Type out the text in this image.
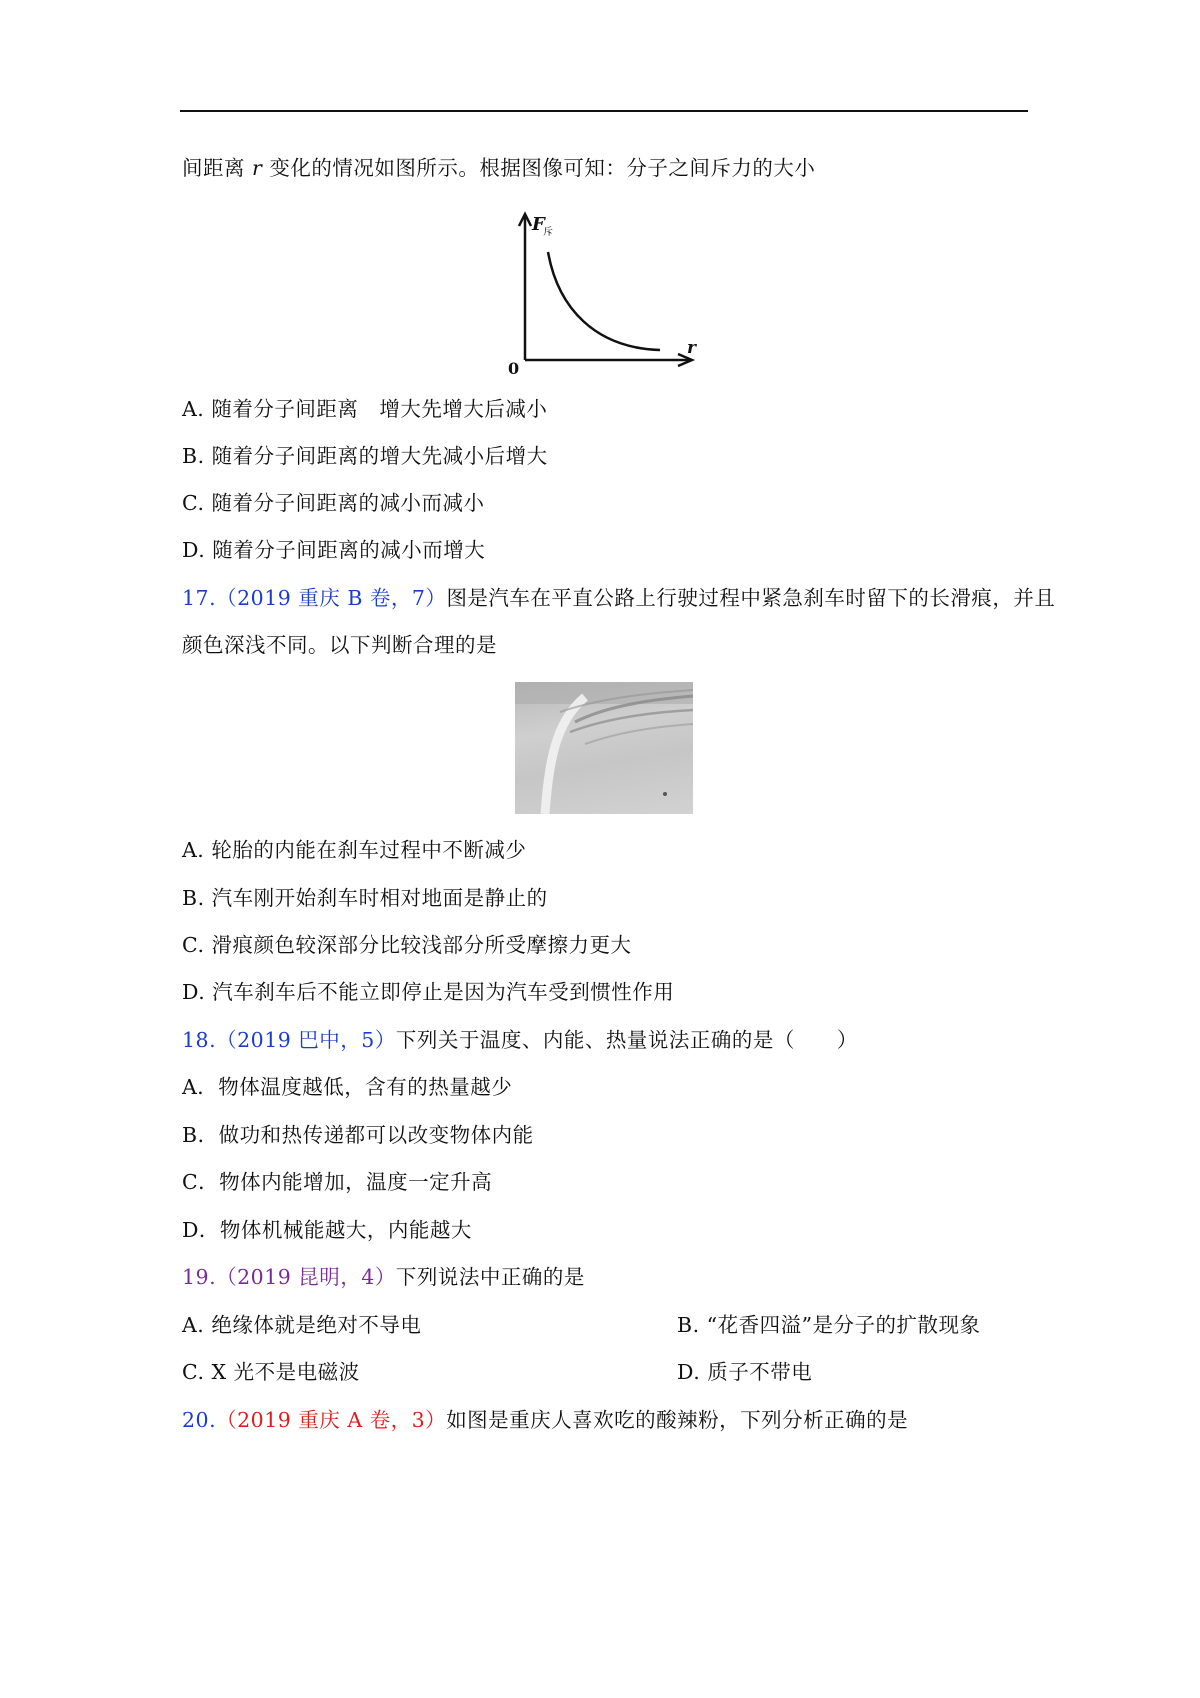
间距离 r 变化的情况如图所示。根据图像可知：分子之间斥力的大小
F
斥
r
0
A. 随着分子间距离　增大先增大后减小
B. 随着分子间距离的增大先减小后增大
C. 随着分子间距离的减小而减小
D. 随着分子间距离的减小而增大
17.（2019 重庆 B 卷，7）图是汽车在平直公路上行驶过程中紧急刹车时留下的长滑痕，并且
颜色深浅不同。以下判断合理的是
A. 轮胎的内能在刹车过程中不断减少
B. 汽车刚开始刹车时相对地面是静止的
C. 滑痕颜色较深部分比较浅部分所受摩擦力更大
D. 汽车刹车后不能立即停止是因为汽车受到惯性作用
18.（2019 巴中，5）下列关于温度、内能、热量说法正确的是（　　）
A．物体温度越低，含有的热量越少
B．做功和热传递都可以改变物体内能
C．物体内能增加，温度一定升高
D．物体机械能越大，内能越大
19.（2019 昆明，4）下列说法中正确的是
A. 绝缘体就是绝对不导电	B. “花香四溢”是分子的扩散现象
C. X 光不是电磁波	D. 质子不带电
20.（2019 重庆 A 卷，3）如图是重庆人喜欢吃的酸辣粉，下列分析正确的是
